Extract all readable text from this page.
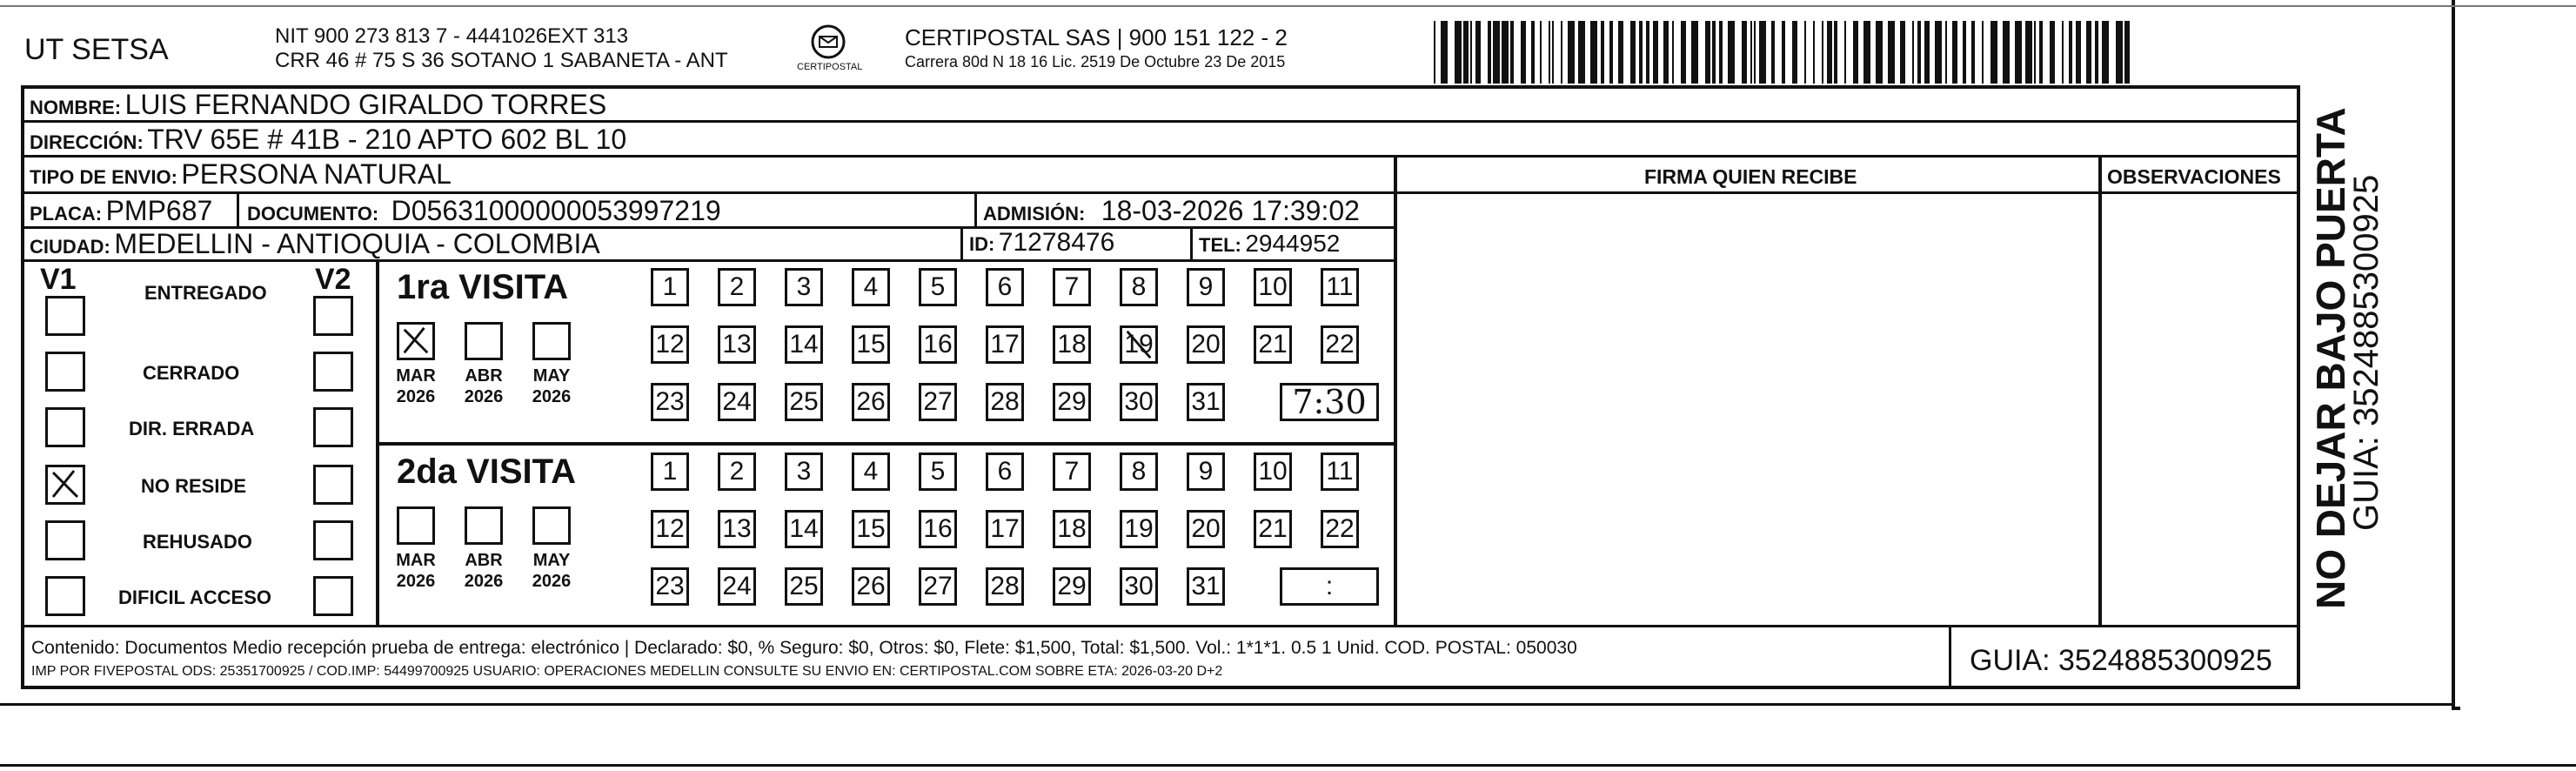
UT SETSA	NIT 900 273 813 7 - 4441026EXT 313
CRR 46 # 75 S 36 SOTANO 1 SABANETA - ANT	CERTIPOSTAL
CERTIPOSTAL SAS | 900 151 122 - 2
Carrera 80d N 18 16 Lic. 2519 De Octubre 23 De 2015
NOMBRE: LUIS FERNANDO GIRALDO TORRES
DIRECCIÓN: TRV 65E # 41B - 210 APTO 602 BL 10
TIPO DE ENVIO: PERSONA NATURAL	FIRMA QUIEN RECIBE	OBSERVACIONES
PLACA: PMP687 DOCUMENTO: D05631000000053997219	ADMISIÓN: 18-03-2026 17:39:02
CIUDAD: MEDELLIN - ANTIOQUIA - COLOMBIA	ID: 71278476	TEL: 2944952
V1	V2
ENTREGADO
CERRADO
DIR. ERRADA
NO RESIDE
REHUSADO
DIFICIL ACCESO
1ra VISITA
2da VISITA
MAR
2026
ABR
2026
MAY
2026
1 2 3 4 5 6 7 8 9 10 11
12 13 14 15 16 17 18 19 20 21 22
23 24 25 26 27 28 29 30 31	7:30
MAR
2026
ABR
2026
MAY
2026
1 2 3 4 5 6 7 8 9 10 11
12 13 14 15 16 17 18 19 20 21 22
23 24 25 26 27 28 29 30 31	:
Contenido: Documentos Medio recepción prueba de entrega: electrónico | Declarado: $0, % Seguro: $0, Otros: $0, Flete: $1,500, Total: $1,500. Vol.: 1*1*1. 0.5 1 Unid. COD. POSTAL: 050030
IMP POR FIVEPOSTAL ODS: 25351700925 / COD.IMP: 54499700925 USUARIO: OPERACIONES MEDELLIN CONSULTE SU ENVIO EN: CERTIPOSTAL.COM SOBRE ETA: 2026-03-20 D+2	GUIA: 3524885300925
NO DEJAR BAJO PUERTA
GUIA: 3524885300925
